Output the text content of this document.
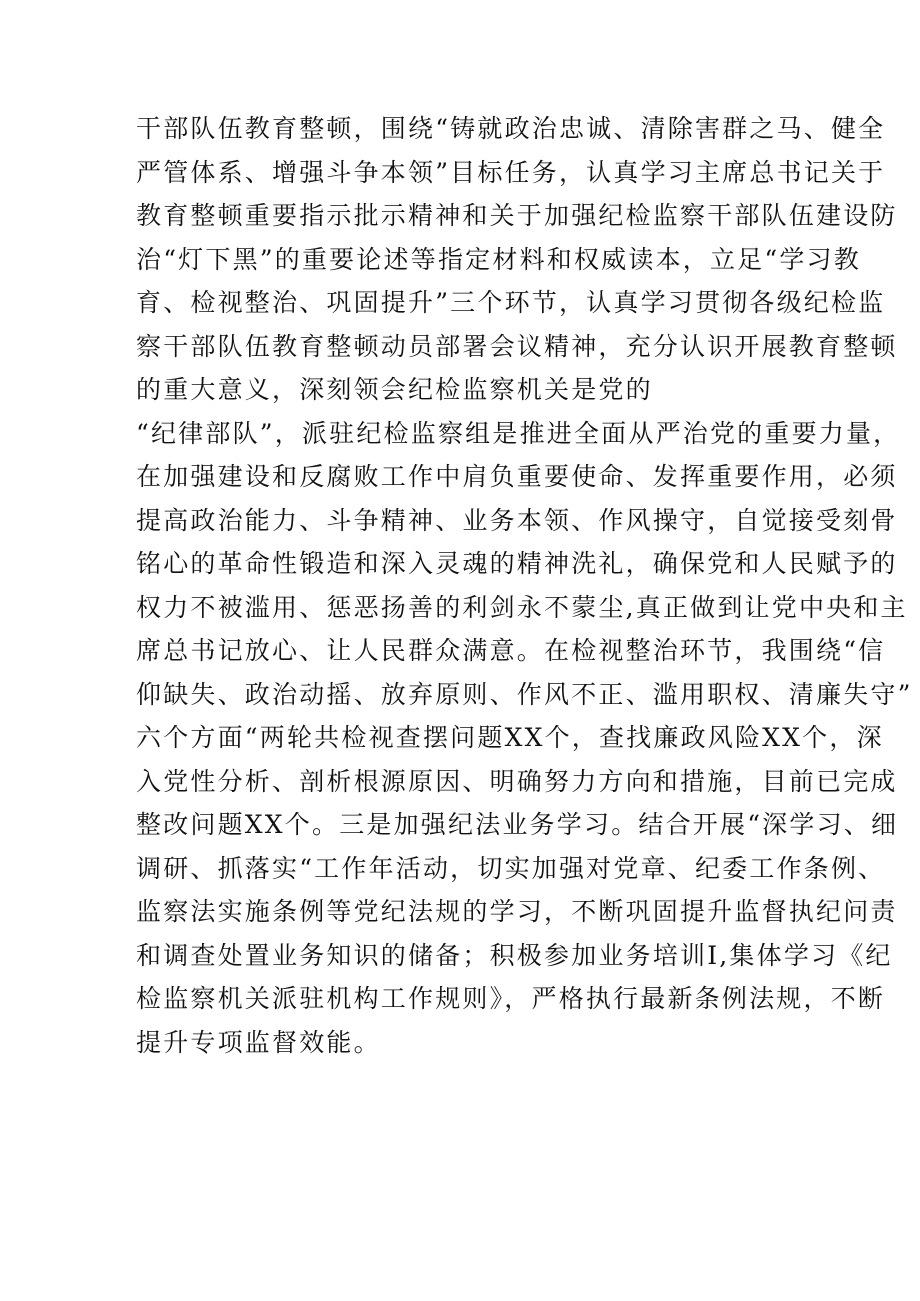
干部队伍教育整顿，围绕“铸就政治忠诚、清除害群之马、健全
严管体系、增强斗争本领”目标任务，认真学习主席总书记关于
教育整顿重要指示批示精神和关于加强纪检监察干部队伍建设防
治“灯下黑”的重要论述等指定材料和权威读本，立足“学习教
育、检视整治、巩固提升”三个环节，认真学习贯彻各级纪检监
察干部队伍教育整顿动员部署会议精神，充分认识开展教育整顿
的重大意义，深刻领会纪检监察机关是党的
“纪律部队”，派驻纪检监察组是推进全面从严治党的重要力量，
在加强建设和反腐败工作中肩负重要使命、发挥重要作用，必须
提高政治能力、斗争精神、业务本领、作风操守，自觉接受刻骨
铭心的革命性锻造和深入灵魂的精神洗礼，确保党和人民赋予的
权力不被滥用、惩恶扬善的利剑永不蒙尘,真正做到让党中央和主
席总书记放心、让人民群众满意。在检视整治环节，我围绕“信
仰缺失、政治动摇、放弃原则、作风不正、滥用职权、清廉失守”
六个方面“两轮共检视查摆问题XX个，查找廉政风险XX个，深
入党性分析、剖析根源原因、明确努力方向和措施，目前已完成
整改问题XX个。三是加强纪法业务学习。结合开展“深学习、细
调研、抓落实“工作年活动，切实加强对党章、纪委工作条例、
监察法实施条例等党纪法规的学习，不断巩固提升监督执纪问责
和调查处置业务知识的储备；积极参加业务培训I,集体学习《纪
检监察机关派驻机构工作规则》，严格执行最新条例法规，不断
提升专项监督效能。
